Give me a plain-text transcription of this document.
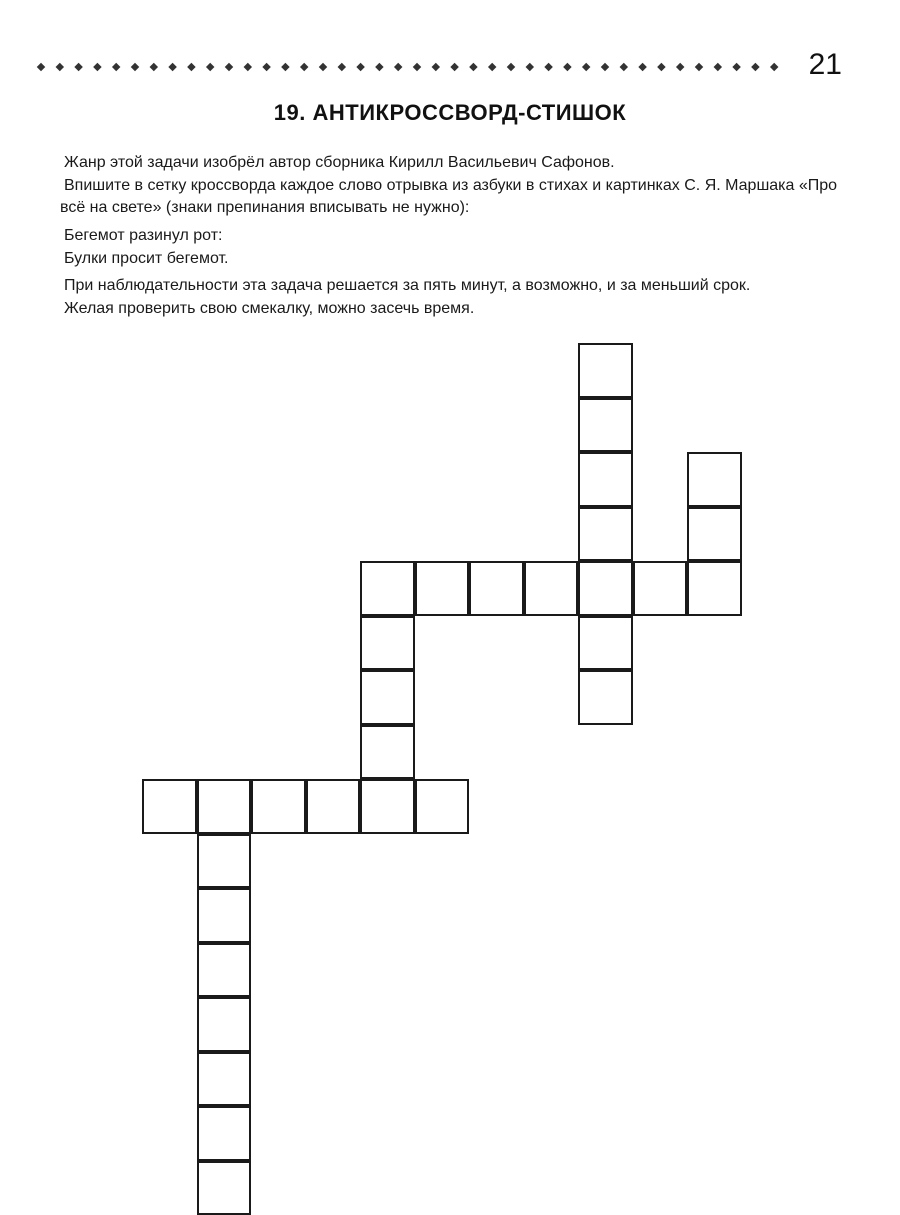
21
19. АНТИКРОССВОРД-СТИШОК
Жанр этой задачи изобрёл автор сборника Кирилл Васильевич Сафонов.
Впишите в сетку кроссворда каждое слово отрывка из азбуки в стихах и картинках С. Я. Маршака «Про
всё на свете» (знаки препинания вписывать не нужно):
Бегемот разинул рот:
Булки просит бегемот.
При наблюдательности эта задача решается за пять минут, а возможно, и за меньший срок.
Желая проверить свою смекалку, можно засечь время.
